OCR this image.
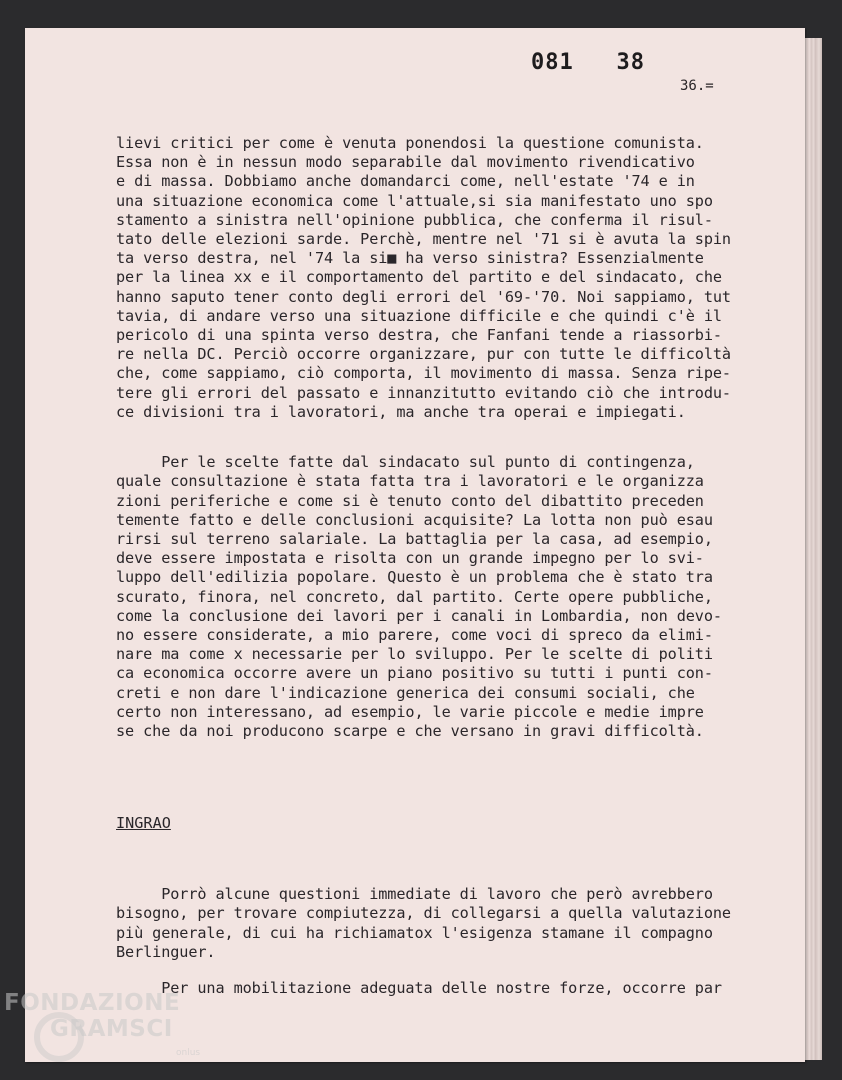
081   38
36.=
lievi critici per come è venuta ponendosi la questione comunista.
Essa non è in nessun modo separabile dal movimento rivendicativo
e di massa. Dobbiamo anche domandarci come, nell'estate '74 e in
una situazione economica come l'attuale,si sia manifestato uno spo
stamento a sinistra nell'opinione pubblica, che conferma il risul-
tato delle elezioni sarde. Perchè, mentre nel '71 si è avuta la spin
ta verso destra, nel '74 la si■ ha verso sinistra? Essenzialmente
per la linea xx e il comportamento del partito e del sindacato, che
hanno saputo tener conto degli errori del '69-'70. Noi sappiamo, tut
tavia, di andare verso una situazione difficile e che quindi c'è il
pericolo di una spinta verso destra, che Fanfani tende a riassorbi-
re nella DC. Perciò occorre organizzare, pur con tutte le difficoltà
che, come sappiamo, ciò comporta, il movimento di massa. Senza ripe-
tere gli errori del passato e innanzitutto evitando ciò che introdu-
ce divisioni tra i lavoratori, ma anche tra operai e impiegati.

Per le scelte fatte dal sindacato sul punto di contingenza,
quale consultazione è stata fatta tra i lavoratori e le organizza
zioni periferiche e come si è tenuto conto del dibattito preceden
temente fatto e delle conclusioni acquisite? La lotta non può esau
rirsi sul terreno salariale. La battaglia per la casa, ad esempio,
deve essere impostata e risolta con un grande impegno per lo svi-
luppo dell'edilizia popolare. Questo è un problema che è stato tra
scurato, finora, nel concreto, dal partito. Certe opere pubbliche,
come la conclusione dei lavori per i canali in Lombardia, non devo-
no essere considerate, a mio parere, come voci di spreco da elimi-
nare ma come x necessarie per lo sviluppo. Per le scelte di politi
ca economica occorre avere un piano positivo su tutti i punti con-
creti e non dare l'indicazione generica dei consumi sociali, che
certo non interessano, ad esempio, le varie piccole e medie impre
se che da noi producono scarpe e che versano in gravi difficoltà.
INGRAO

Porrò alcune questioni immediate di lavoro che però avrebbero
bisogno, per trovare compiutezza, di collegarsi a quella valutazione
più generale, di cui ha richiamatox l'esigenza stamane il compagno
Berlinguer.

Per una mobilitazione adeguata delle nostre forze, occorre par
FONDAZIONE
GRAMSCI
onlus
